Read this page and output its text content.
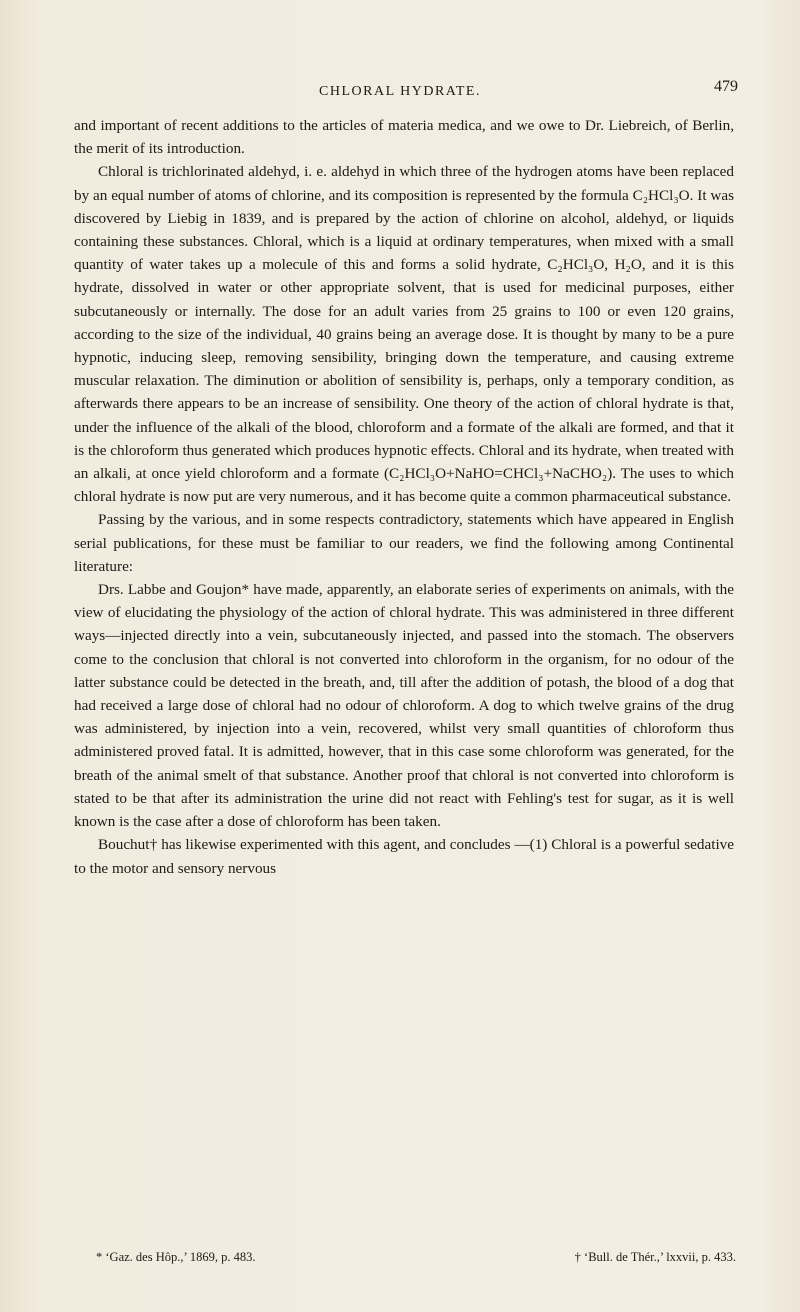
CHLORAL HYDRATE.	479

and important of recent additions to the articles of materia medica, and we owe to Dr. Liebreich, of Berlin, the merit of its introduction.

Chloral is trichlorinated aldehyd, i. e. aldehyd in which three of the hydrogen atoms have been replaced by an equal number of atoms of chlorine, and its composition is represented by the formula C₂HCl₃O. It was discovered by Liebig in 1839, and is prepared by the action of chlorine on alcohol, aldehyd, or liquids containing these substances. Chloral, which is a liquid at ordinary temperatures, when mixed with a small quantity of water takes up a molecule of this and forms a solid hydrate, C₂HCl₃O, H₂O, and it is this hydrate, dissolved in water or other appropriate solvent, that is used for medicinal purposes, either subcutaneously or internally. The dose for an adult varies from 25 grains to 100 or even 120 grains, according to the size of the individual, 40 grains being an average dose. It is thought by many to be a pure hypnotic, inducing sleep, removing sensibility, bringing down the temperature, and causing extreme muscular relaxation. The diminution or abolition of sensibility is, perhaps, only a temporary condition, as afterwards there appears to be an increase of sensibility. One theory of the action of chloral hydrate is that, under the influence of the alkali of the blood, chloroform and a formate of the alkali are formed, and that it is the chloroform thus generated which produces hypnotic effects. Chloral and its hydrate, when treated with an alkali, at once yield chloroform and a formate (C₂HCl₃O+NaHO=CHCl₃+NaCHO₂). The uses to which chloral hydrate is now put are very numerous, and it has become quite a common pharmaceutical substance.

Passing by the various, and in some respects contradictory, statements which have appeared in English serial publications, for these must be familiar to our readers, we find the following among Continental literature:

Drs. Labbe and Goujon* have made, apparently, an elaborate series of experiments on animals, with the view of elucidating the physiology of the action of chloral hydrate. This was administered in three different ways—injected directly into a vein, subcutaneously injected, and passed into the stomach. The observers come to the conclusion that chloral is not converted into chloroform in the organism, for no odour of the latter substance could be detected in the breath, and, till after the addition of potash, the blood of a dog that had received a large dose of chloral had no odour of chloroform. A dog to which twelve grains of the drug was administered, by injection into a vein, recovered, whilst very small quantities of chloroform thus administered proved fatal. It is admitted, however, that in this case some chloroform was generated, for the breath of the animal smelt of that substance. Another proof that chloral is not converted into chloroform is stated to be that after its administration the urine did not react with Fehling's test for sugar, as it is well known is the case after a dose of chloroform has been taken.

Bouchut† has likewise experimented with this agent, and concludes —(1) Chloral is a powerful sedative to the motor and sensory nervous

* ‘Gaz. des Hôp.,’ 1869, p. 483.	† ‘Bull. de Thér.,’ lxxvii, p. 433.
